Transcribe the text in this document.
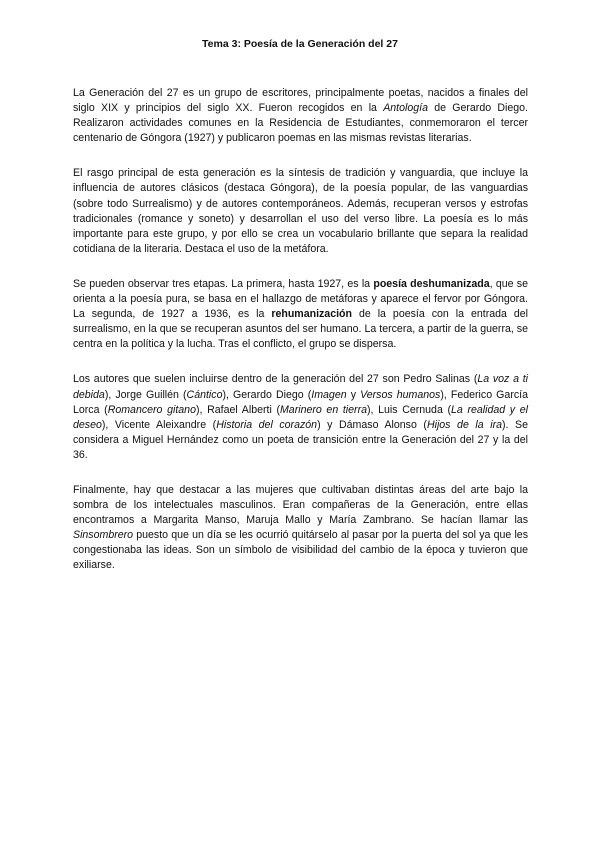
Tema 3: Poesía de la Generación del 27

La Generación del 27 es un grupo de escritores, principalmente poetas, nacidos a finales del siglo XIX y principios del siglo XX. Fueron recogidos en la Antología de Gerardo Diego. Realizaron actividades comunes en la Residencia de Estudiantes, conmemoraron el tercer centenario de Góngora (1927) y publicaron poemas en las mismas revistas literarias.

El rasgo principal de esta generación es la síntesis de tradición y vanguardia, que incluye la influencia de autores clásicos (destaca Góngora), de la poesía popular, de las vanguardias (sobre todo Surrealismo) y de autores contemporáneos. Además, recuperan versos y estrofas tradicionales (romance y soneto) y desarrollan el uso del verso libre. La poesía es lo más importante para este grupo, y por ello se crea un vocabulario brillante que separa la realidad cotidiana de la literaria. Destaca el uso de la metáfora.

Se pueden observar tres etapas. La primera, hasta 1927, es la poesía deshumanizada, que se orienta a la poesía pura, se basa en el hallazgo de metáforas y aparece el fervor por Góngora. La segunda, de 1927 a 1936, es la rehumanización de la poesía con la entrada del surrealismo, en la que se recuperan asuntos del ser humano. La tercera, a partir de la guerra, se centra en la política y la lucha. Tras el conflicto, el grupo se dispersa.

Los autores que suelen incluirse dentro de la generación del 27 son Pedro Salinas (La voz a ti debida), Jorge Guillén (Cántico), Gerardo Diego (Imagen y Versos humanos), Federico García Lorca (Romancero gitano), Rafael Alberti (Marinero en tierra), Luis Cernuda (La realidad y el deseo), Vicente Aleixandre (Historia del corazón) y Dámaso Alonso (Hijos de la ira). Se considera a Miguel Hernández como un poeta de transición entre la Generación del 27 y la del 36.

Finalmente, hay que destacar a las mujeres que cultivaban distintas áreas del arte bajo la sombra de los intelectuales masculinos. Eran compañeras de la Generación, entre ellas encontramos a Margarita Manso, Maruja Mallo y María Zambrano. Se hacían llamar las Sinsombrero puesto que un día se les ocurrió quitárselo al pasar por la puerta del sol ya que les congestionaba las ideas. Son un símbolo de visibilidad del cambio de la época y tuvieron que exiliarse.
